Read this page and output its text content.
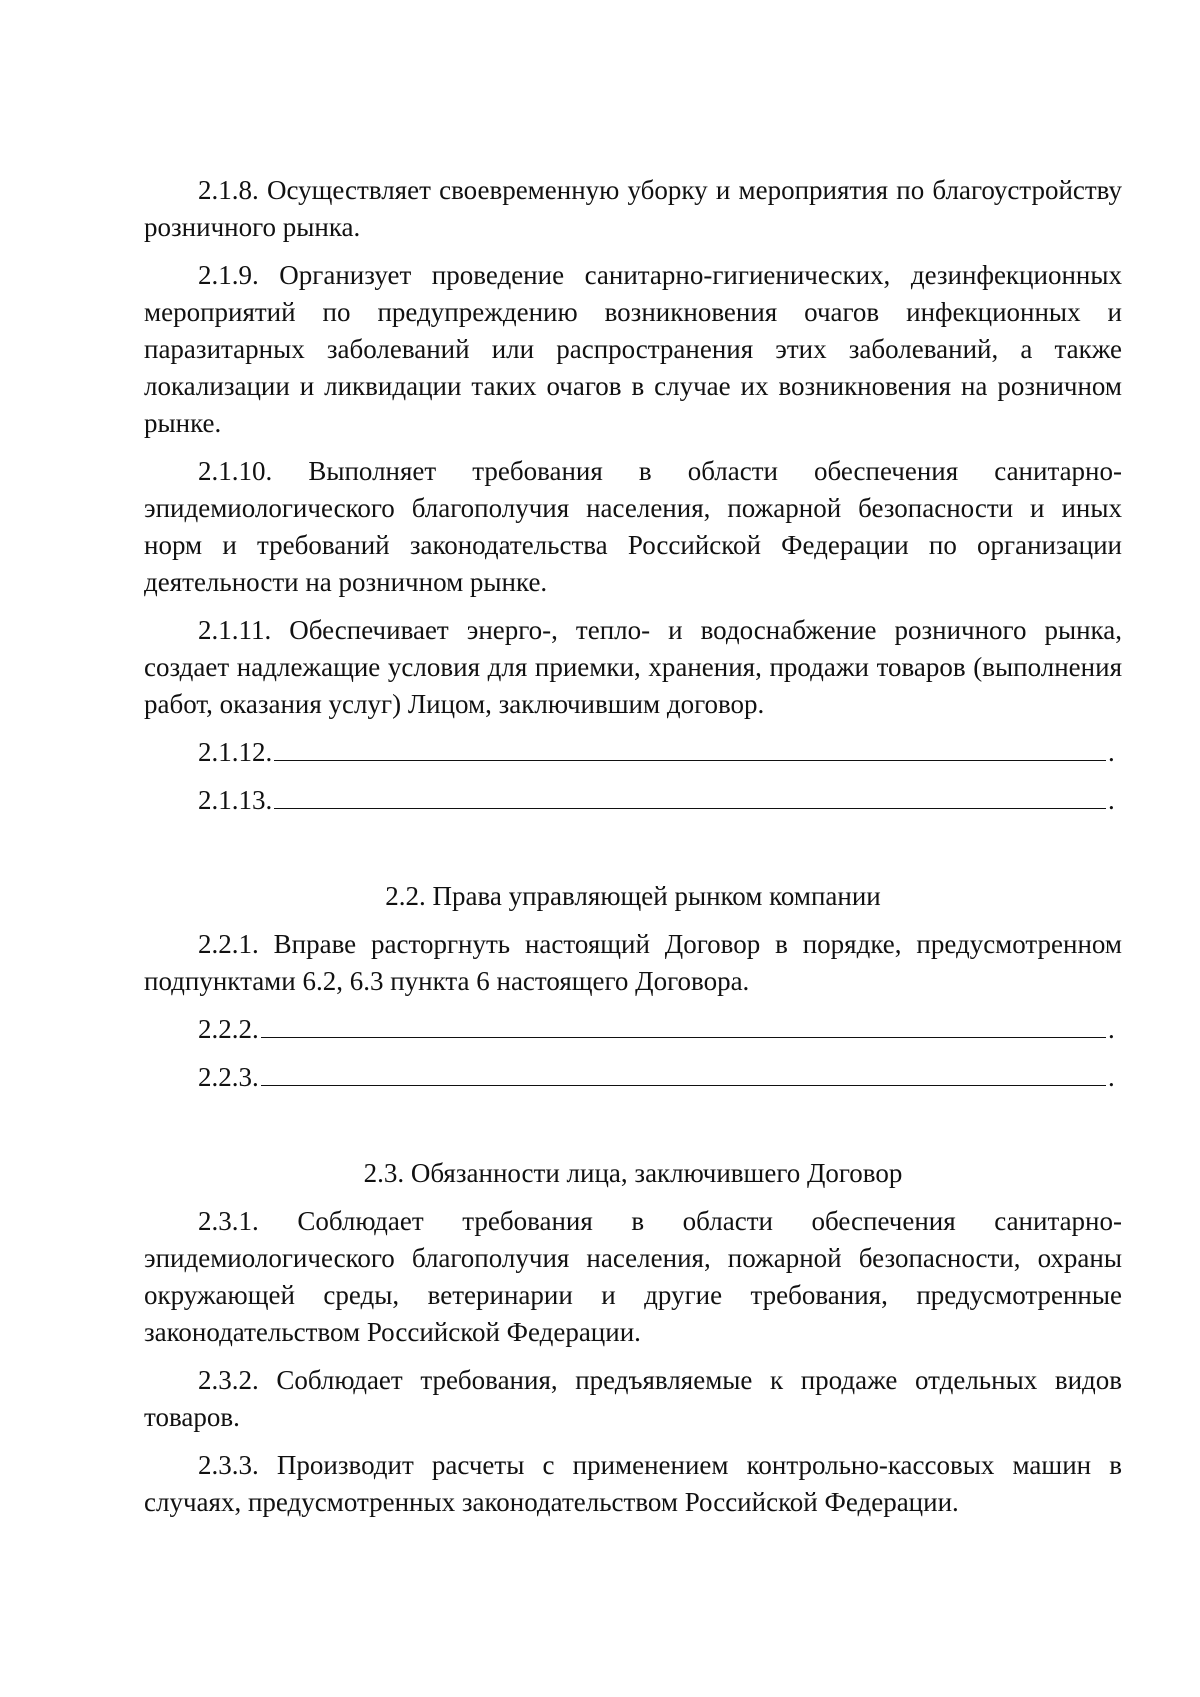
2.1.8. Осуществляет своевременную уборку и мероприятия по благоустройству розничного рынка.

2.1.9. Организует проведение санитарно-гигиенических, дезинфекционных мероприятий по предупреждению возникновения очагов инфекционных и паразитарных заболеваний или распространения этих заболеваний, а также локализации и ликвидации таких очагов в случае их возникновения на розничном рынке.

2.1.10. Выполняет требования в области обеспечения санитарно-эпидемиологического благополучия населения, пожарной безопасности и иных норм и требований законодательства Российской Федерации по организации деятельности на розничном рынке.

2.1.11. Обеспечивает энерго-, тепло- и водоснабжение розничного рынка, создает надлежащие условия для приемки, хранения, продажи товаров (выполнения работ, оказания услуг) Лицом, заключившим договор.

2.1.12.	.
2.1.13.	.

2.2. Права управляющей рынком компании

2.2.1. Вправе расторгнуть настоящий Договор в порядке, предусмотренном подпунктами 6.2, 6.3 пункта 6 настоящего Договора.

2.2.2.	.
2.2.3.	.

2.3. Обязанности лица, заключившего Договор

2.3.1. Соблюдает требования в области обеспечения санитарно-эпидемиологического благополучия населения, пожарной безопасности, охраны окружающей среды, ветеринарии и другие требования, предусмотренные законодательством Российской Федерации.

2.3.2. Соблюдает требования, предъявляемые к продаже отдельных видов товаров.

2.3.3. Производит расчеты с применением контрольно-кассовых машин в случаях, предусмотренных законодательством Российской Федерации.
